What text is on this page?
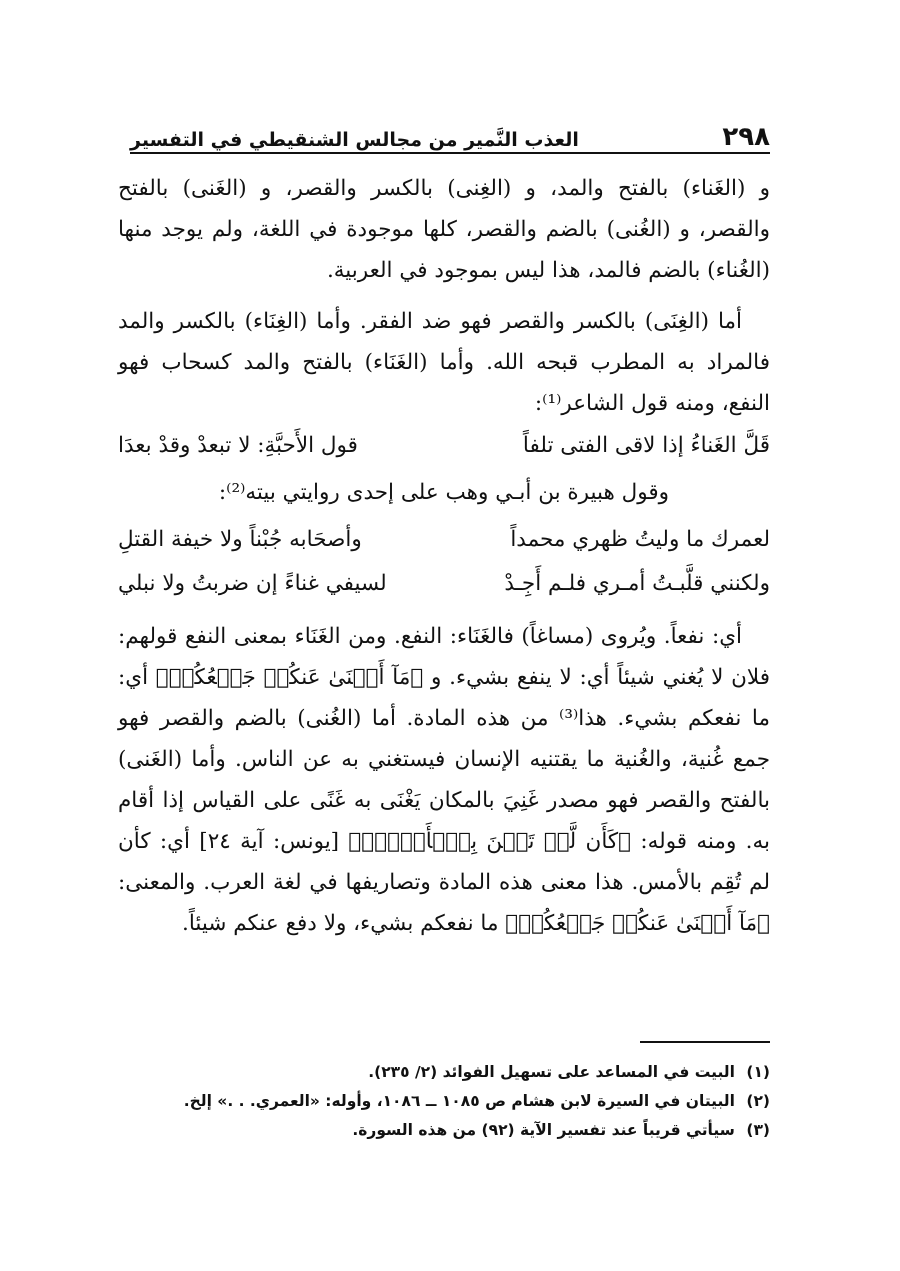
٢٩٨
العذب النَّمير من مجالس الشنقيطي في التفسير

و (الغَناء) بالفتح والمد، و (الغِنى) بالكسر والقصر، و (الغَنى) بالفتح والقصر، و (الغُنى) بالضم والقصر، كلها موجودة في اللغة، ولم يوجد منها (الغُناء) بالضم فالمد، هذا ليس بموجود في العربية.

أما (الغِنَى) بالكسر والقصر فهو ضد الفقر. وأما (الغِنَاء) بالكسر والمد فالمراد به المطرب قبحه الله. وأما (الغَنَاء) بالفتح والمد كسحاب فهو النفع، ومنه قول الشاعر⁽¹⁾:

قَلَّ الغَناءُ إذا لاقى الفتى تلفاً
قول الأَحبَّةِ: لا تبعدْ وقدْ بعدَا
وقول هبيرة بن أبـي وهب على إحدى روايتي بيته⁽²⁾:
لعمرك ما وليتُ ظهري محمداً
وأصحَابه جُبْناً ولا خيفة القتلِ
ولكنني قلَّبـتُ أمـري فلـم أَجِـدْ
لسيفي غناءً إن ضربتُ ولا نبلي

أي: نفعاً. ويُروى (مساغاً) فالغَنَاء: النفع. ومن الغَنَاء بمعنى النفع قولهم: فلان لا يُغني شيئاً أي: لا ينفع بشيء. و ﴿مَآ أَغۡنَىٰ عَنكُمۡ جَمۡعُكُمۡ﴾ أي: ما نفعكم بشيء. هذا⁽³⁾ من هذه المادة. أما (الغُنى) بالضم والقصر فهو جمع غُنية، والغُنية ما يقتنيه الإنسان فيستغني به عن الناس. وأما (الغَنى) بالفتح والقصر فهو مصدر غَنِيَ بالمكان يَغْنَى به غَنًى على القياس إذا أقام به. ومنه قوله: ﴿كَأَن لَّمۡ تَغۡنَ بِٱلۡأَمۡسِۚ﴾ [يونس: آية ٢٤] أي: كأن لم تُقِم بالأمس. هذا معنى هذه المادة وتصاريفها في لغة العرب. والمعنى: ﴿مَآ أَغۡنَىٰ عَنكُمۡ جَمۡعُكُمۡ﴾ ما نفعكم بشيء، ولا دفع عنكم شيئاً.

(١) البيت في المساعد على تسهيل الفوائد (٢/ ٢٣٥).
(٢) البيتان في السيرة لابن هشام ص ١٠٨٥ ــ ١٠٨٦، وأوله: «العمري. . .» إلخ.
(٣) سيأتي قريباً عند تفسير الآية (٩٢) من هذه السورة.
